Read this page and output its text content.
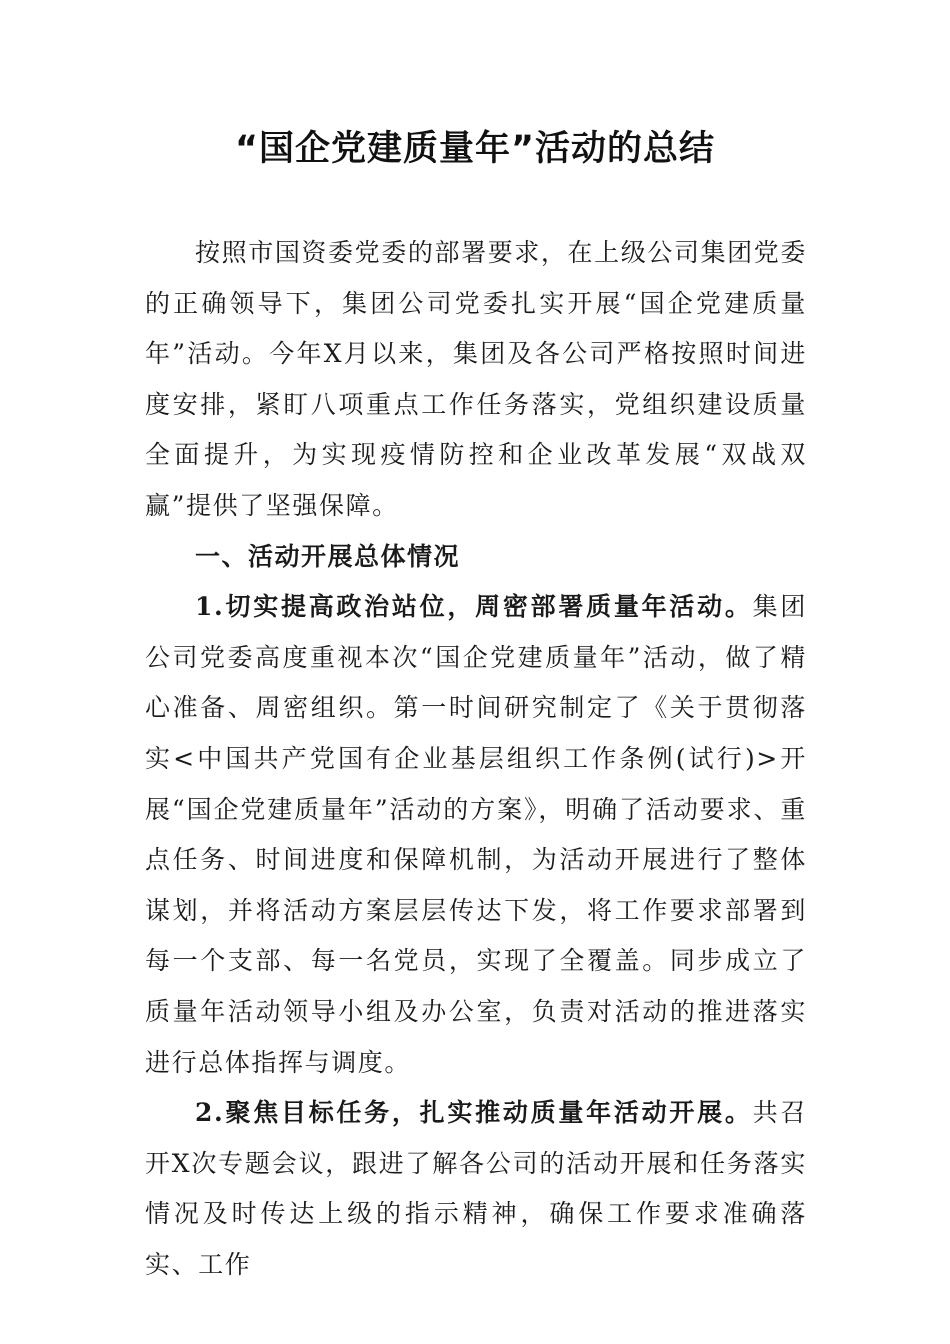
“国企党建质量年”活动的总结

按照市国资委党委的部署要求，在上级公司集团党委的正确领导下，集团公司党委扎实开展“国企党建质量年”活动。今年X月以来，集团及各公司严格按照时间进度安排，紧盯八项重点工作任务落实，党组织建设质量全面提升，为实现疫情防控和企业改革发展“双战双赢”提供了坚强保障。

一、活动开展总体情况

1.切实提高政治站位，周密部署质量年活动。集团公司党委高度重视本次“国企党建质量年”活动，做了精心准备、周密组织。第一时间研究制定了《关于贯彻落实<中国共产党国有企业基层组织工作条例(试行)>开展“国企党建质量年”活动的方案》，明确了活动要求、重点任务、时间进度和保障机制，为活动开展进行了整体谋划，并将活动方案层层传达下发，将工作要求部署到每一个支部、每一名党员，实现了全覆盖。同步成立了质量年活动领导小组及办公室，负责对活动的推进落实进行总体指挥与调度。

2.聚焦目标任务，扎实推动质量年活动开展。共召开X次专题会议，跟进了解各公司的活动开展和任务落实情况及时传达上级的指示精神，确保工作要求准确落实、工作
